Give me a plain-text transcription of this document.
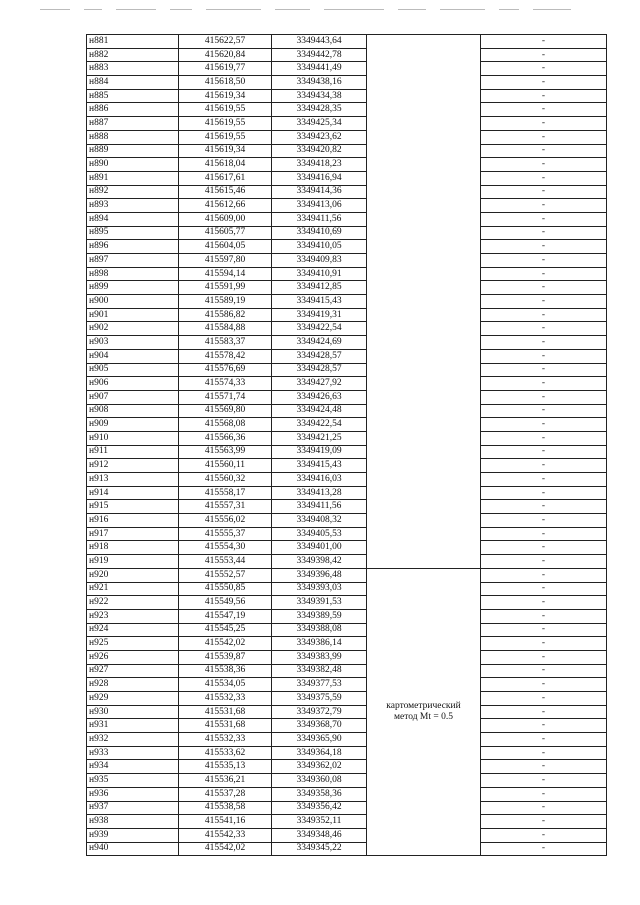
н881	415622,57	3349443,64		-
н882	415620,84	3349442,78		-
н883	415619,77	3349441,49		-
н884	415618,50	3349438,16		-
н885	415619,34	3349434,38		-
н886	415619,55	3349428,35		-
н887	415619,55	3349425,34		-
н888	415619,55	3349423,62		-
н889	415619,34	3349420,82		-
н890	415618,04	3349418,23		-
н891	415617,61	3349416,94		-
н892	415615,46	3349414,36		-
н893	415612,66	3349413,06		-
н894	415609,00	3349411,56		-
н895	415605,77	3349410,69		-
н896	415604,05	3349410,05		-
н897	415597,80	3349409,83		-
н898	415594,14	3349410,91		-
н899	415591,99	3349412,85		-
н900	415589,19	3349415,43		-
н901	415586,82	3349419,31		-
н902	415584,88	3349422,54		-
н903	415583,37	3349424,69		-
н904	415578,42	3349428,57		-
н905	415576,69	3349428,57		-
н906	415574,33	3349427,92		-
н907	415571,74	3349426,63		-
н908	415569,80	3349424,48		-
н909	415568,08	3349422,54		-
н910	415566,36	3349421,25		-
н911	415563,99	3349419,09		-
н912	415560,11	3349415,43		-
н913	415560,32	3349416,03		-
н914	415558,17	3349413,28		-
н915	415557,31	3349411,56		-
н916	415556,02	3349408,32		-
н917	415555,37	3349405,53		-
н918	415554,30	3349401,00		-
н919	415553,44	3349398,42		-
н920	415552,57	3349396,48	картометрический
метод Mt = 0.5	-
н921	415550,85	3349393,03		-
н922	415549,56	3349391,53		-
н923	415547,19	3349389,59		-
н924	415545,25	3349388,08		-
н925	415542,02	3349386,14		-
н926	415539,87	3349383,99		-
н927	415538,36	3349382,48		-
н928	415534,05	3349377,53		-
н929	415532,33	3349375,59		-
н930	415531,68	3349372,79		-
н931	415531,68	3349368,70		-
н932	415532,33	3349365,90		-
н933	415533,62	3349364,18		-
н934	415535,13	3349362,02		-
н935	415536,21	3349360,08		-
н936	415537,28	3349358,36		-
н937	415538,58	3349356,42		-
н938	415541,16	3349352,11		-
н939	415542,33	3349348,46		-
н940	415542,02	3349345,22		-
